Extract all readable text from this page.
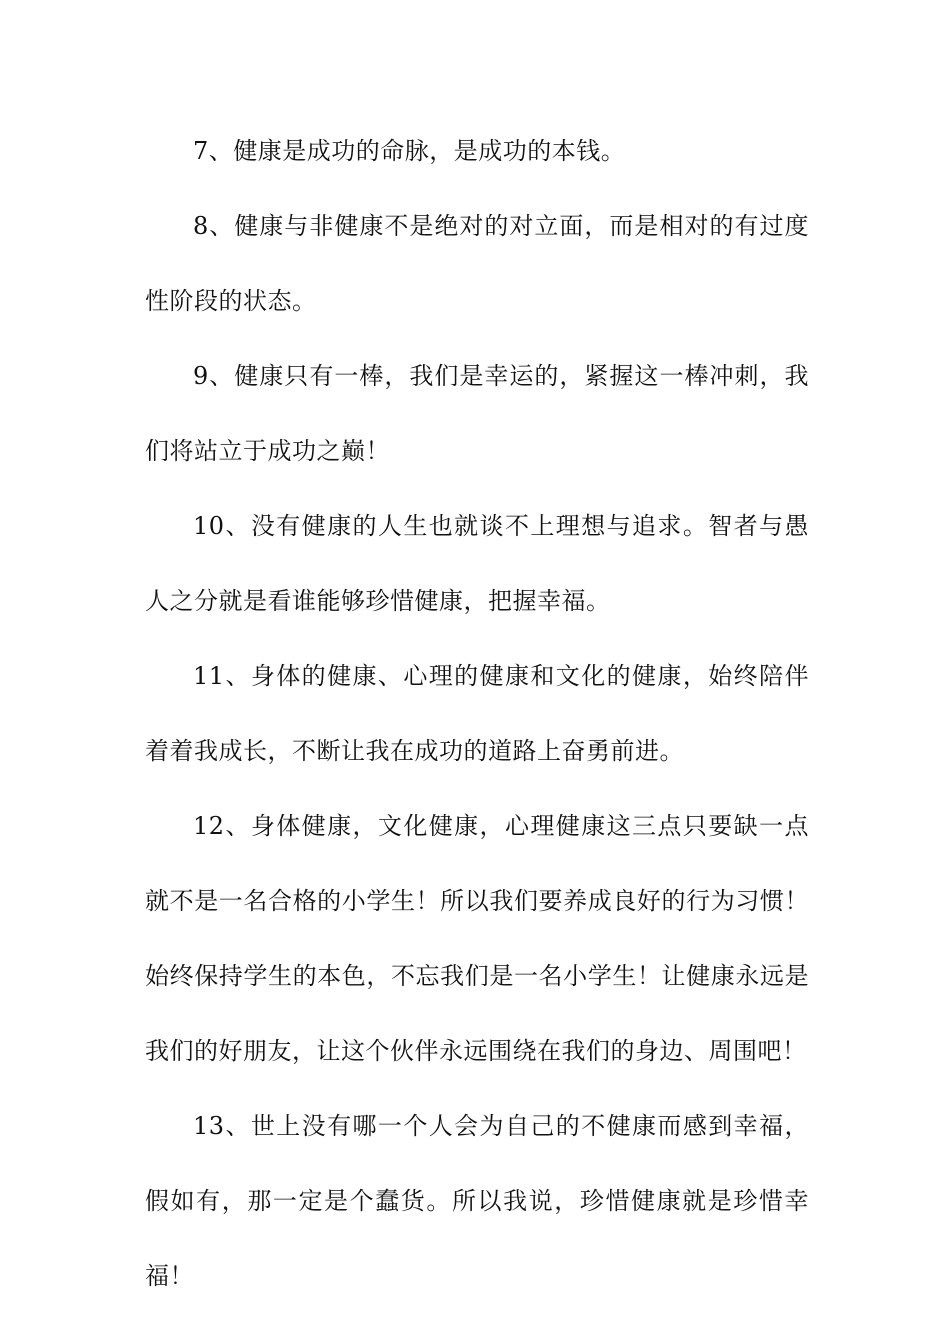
7、健康是成功的命脉，是成功的本钱。

8、健康与非健康不是绝对的对立面，而是相对的有过度性阶段的状态。

9、健康只有一棒，我们是幸运的，紧握这一棒冲刺，我们将站立于成功之巅！

10、没有健康的人生也就谈不上理想与追求。智者与愚人之分就是看谁能够珍惜健康，把握幸福。

11、身体的健康、心理的健康和文化的健康，始终陪伴着着我成长，不断让我在成功的道路上奋勇前进。

12、身体健康，文化健康，心理健康这三点只要缺一点就不是一名合格的小学生！所以我们要养成良好的行为习惯！始终保持学生的本色，不忘我们是一名小学生！让健康永远是我们的好朋友，让这个伙伴永远围绕在我们的身边、周围吧！

13、世上没有哪一个人会为自己的不健康而感到幸福，假如有，那一定是个蠢货。所以我说，珍惜健康就是珍惜幸福！
